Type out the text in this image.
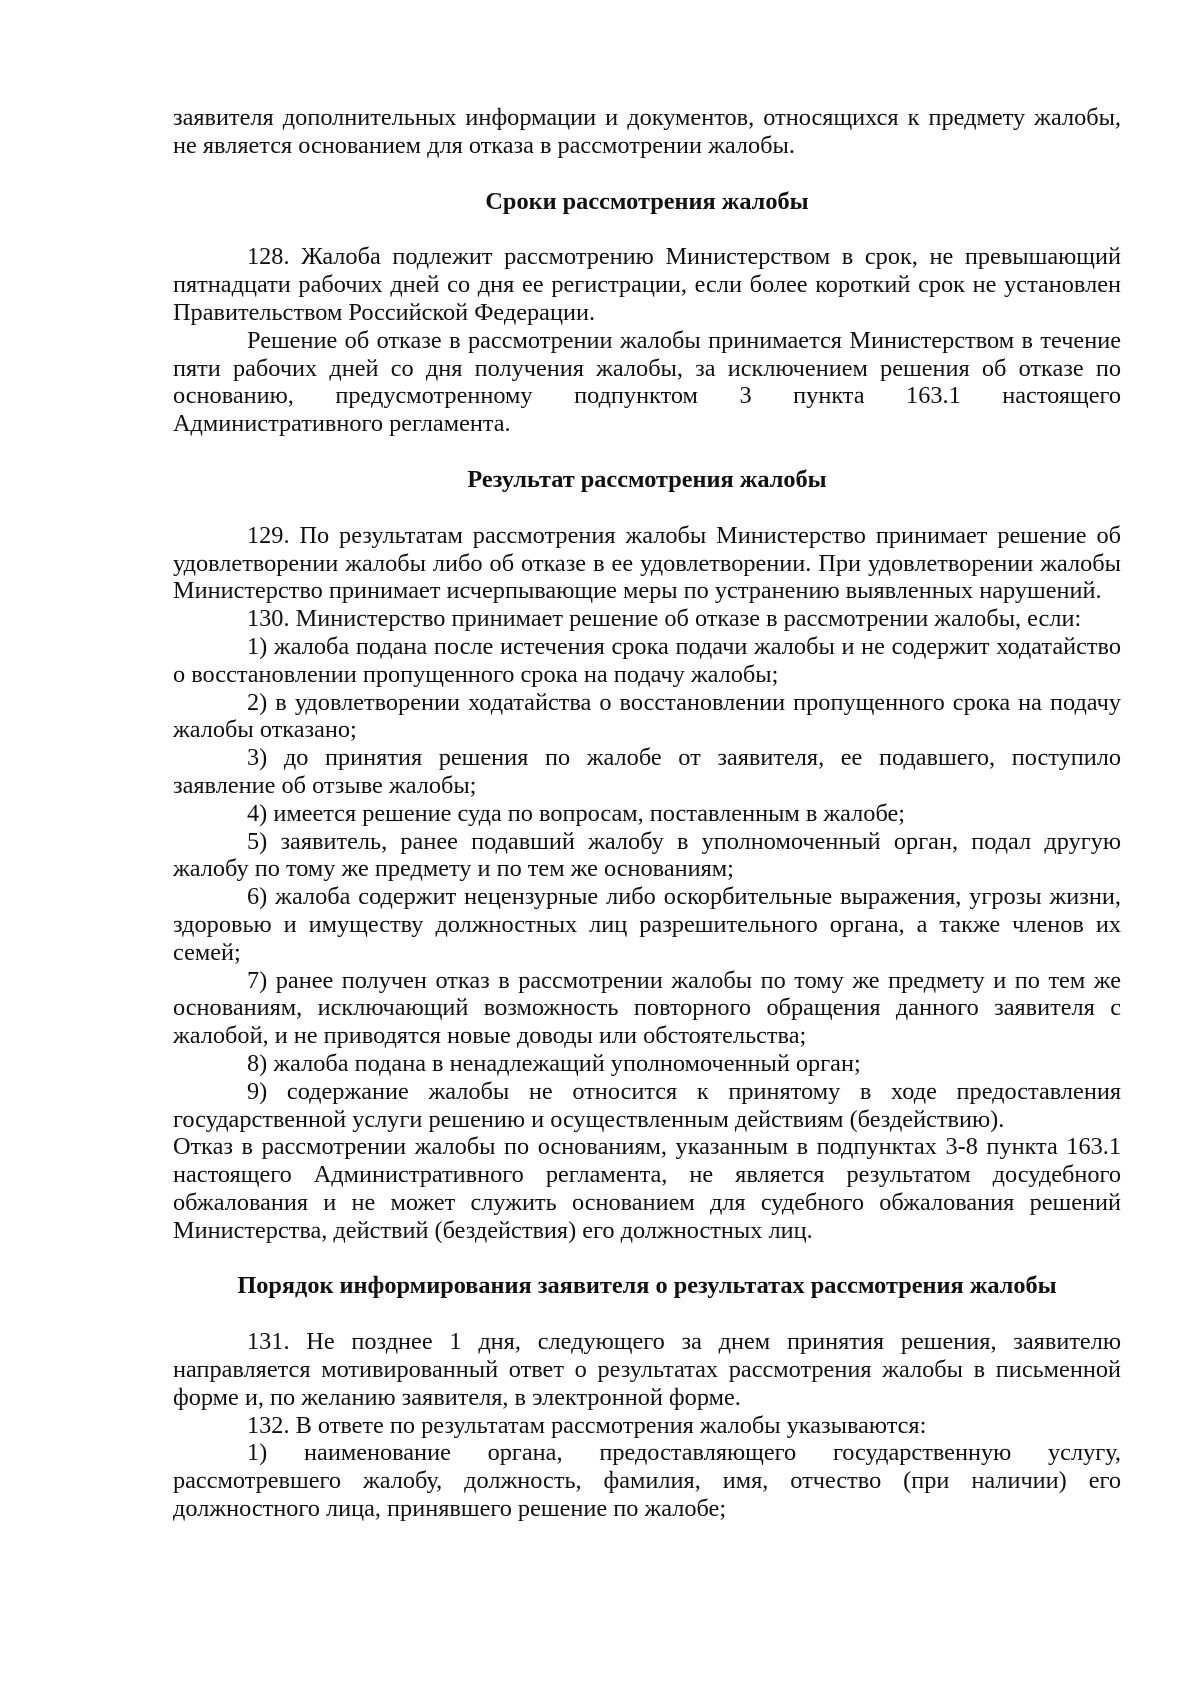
заявителя дополнительных информации и документов, относящихся к предмету жалобы, не является основанием для отказа в рассмотрении жалобы.
Сроки рассмотрения жалобы
128. Жалоба подлежит рассмотрению Министерством в срок, не превышающий пятнадцати рабочих дней со дня ее регистрации, если более короткий срок не установлен Правительством Российской Федерации.
Решение об отказе в рассмотрении жалобы принимается Министерством в течение пяти рабочих дней со дня получения жалобы, за исключением решения об отказе по основанию, предусмотренному подпунктом 3 пункта 163.1 настоящего Административного регламента.
Результат рассмотрения жалобы
129. По результатам рассмотрения жалобы Министерство принимает решение об удовлетворении жалобы либо об отказе в ее удовлетворении. При удовлетворении жалобы Министерство принимает исчерпывающие меры по устранению выявленных нарушений.
130. Министерство принимает решение об отказе в рассмотрении жалобы, если:
1) жалоба подана после истечения срока подачи жалобы и не содержит ходатайство о восстановлении пропущенного срока на подачу жалобы;
2) в удовлетворении ходатайства о восстановлении пропущенного срока на подачу жалобы отказано;
3) до принятия решения по жалобе от заявителя, ее подавшего, поступило заявление об отзыве жалобы;
4) имеется решение суда по вопросам, поставленным в жалобе;
5) заявитель, ранее подавший жалобу в уполномоченный орган, подал другую жалобу по тому же предмету и по тем же основаниям;
6) жалоба содержит нецензурные либо оскорбительные выражения, угрозы жизни, здоровью и имуществу должностных лиц разрешительного органа, а также членов их семей;
7) ранее получен отказ в рассмотрении жалобы по тому же предмету и по тем же основаниям, исключающий возможность повторного обращения данного заявителя с жалобой, и не приводятся новые доводы или обстоятельства;
8) жалоба подана в ненадлежащий уполномоченный орган;
9) содержание жалобы не относится к принятому в ходе предоставления государственной услуги решению и осуществленным действиям (бездействию).
Отказ в рассмотрении жалобы по основаниям, указанным в подпунктах 3-8 пункта 163.1 настоящего Административного регламента, не является результатом досудебного обжалования и не может служить основанием для судебного обжалования решений Министерства, действий (бездействия) его должностных лиц.
Порядок информирования заявителя о результатах рассмотрения жалобы
131. Не позднее 1 дня, следующего за днем принятия решения, заявителю направляется мотивированный ответ о результатах рассмотрения жалобы в письменной форме и, по желанию заявителя, в электронной форме.
132. В ответе по результатам рассмотрения жалобы указываются:
1) наименование органа, предоставляющего государственную услугу, рассмотревшего жалобу, должность, фамилия, имя, отчество (при наличии) его должностного лица, принявшего решение по жалобе;
